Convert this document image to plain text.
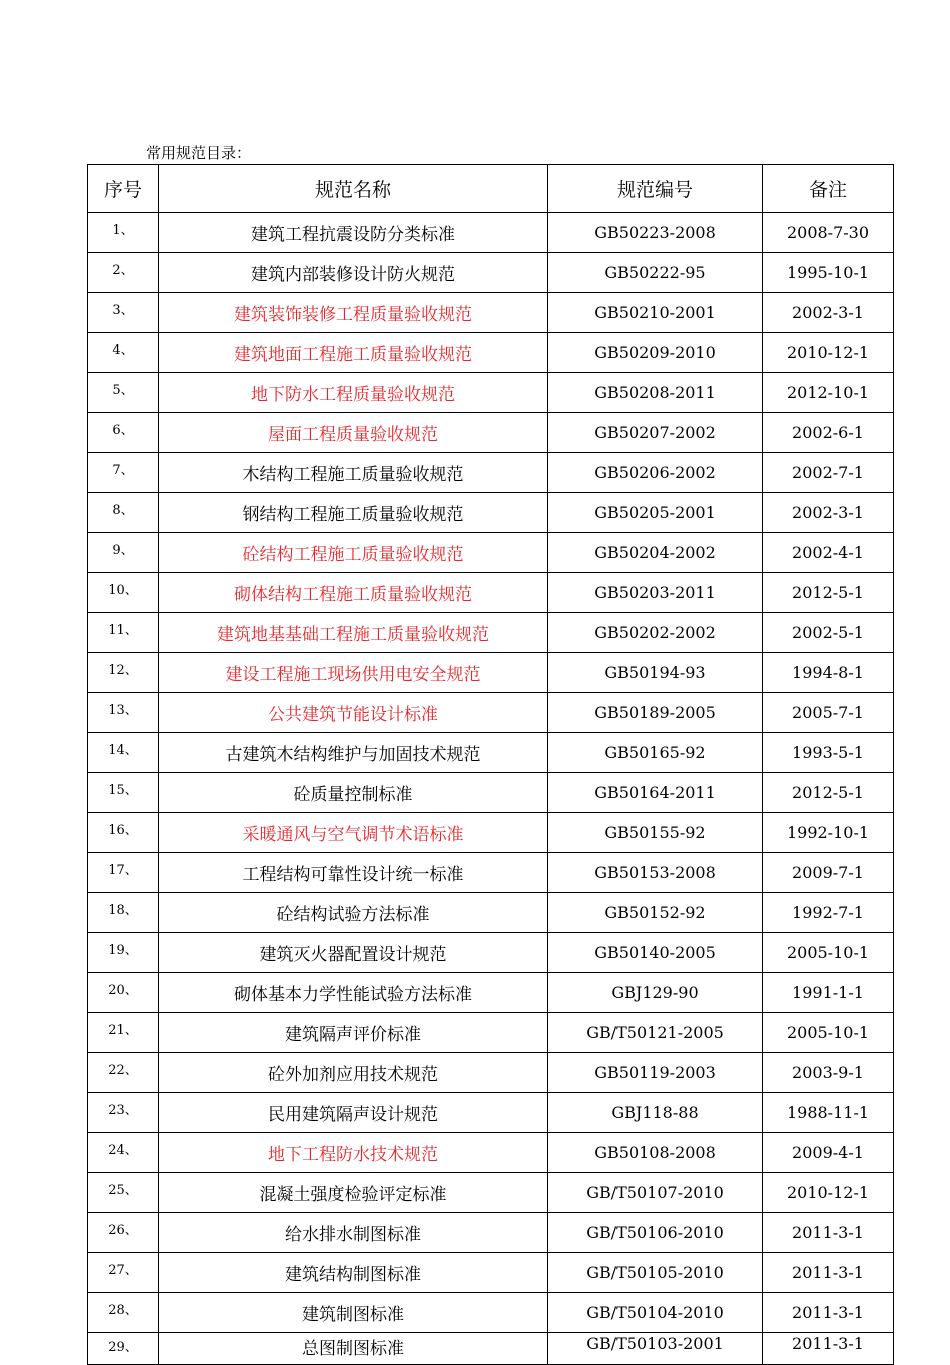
常用规范目录：
序号	规范名称	规范编号	备注
1、	建筑工程抗震设防分类标准	GB50223-2008	2008-7-30
2、	建筑内部装修设计防火规范	GB50222-95	1995-10-1
3、	建筑装饰装修工程质量验收规范	GB50210-2001	2002-3-1
4、	建筑地面工程施工质量验收规范	GB50209-2010	2010-12-1
5、	地下防水工程质量验收规范	GB50208-2011	2012-10-1
6、	屋面工程质量验收规范	GB50207-2002	2002-6-1
7、	木结构工程施工质量验收规范	GB50206-2002	2002-7-1
8、	钢结构工程施工质量验收规范	GB50205-2001	2002-3-1
9、	砼结构工程施工质量验收规范	GB50204-2002	2002-4-1
10、	砌体结构工程施工质量验收规范	GB50203-2011	2012-5-1
11、	建筑地基基础工程施工质量验收规范	GB50202-2002	2002-5-1
12、	建设工程施工现场供用电安全规范	GB50194-93	1994-8-1
13、	公共建筑节能设计标准	GB50189-2005	2005-7-1
14、	古建筑木结构维护与加固技术规范	GB50165-92	1993-5-1
15、	砼质量控制标准	GB50164-2011	2012-5-1
16、	采暖通风与空气调节术语标准	GB50155-92	1992-10-1
17、	工程结构可靠性设计统一标准	GB50153-2008	2009-7-1
18、	砼结构试验方法标准	GB50152-92	1992-7-1
19、	建筑灭火器配置设计规范	GB50140-2005	2005-10-1
20、	砌体基本力学性能试验方法标准	GBJ129-90	1991-1-1
21、	建筑隔声评价标准	GB/T50121-2005	2005-10-1
22、	砼外加剂应用技术规范	GB50119-2003	2003-9-1
23、	民用建筑隔声设计规范	GBJ118-88	1988-11-1
24、	地下工程防水技术规范	GB50108-2008	2009-4-1
25、	混凝土强度检验评定标准	GB/T50107-2010	2010-12-1
26、	给水排水制图标准	GB/T50106-2010	2011-3-1
27、	建筑结构制图标准	GB/T50105-2010	2011-3-1
28、	建筑制图标准	GB/T50104-2010	2011-3-1
29、	总图制图标准	GB/T50103-2001	2011-3-1
